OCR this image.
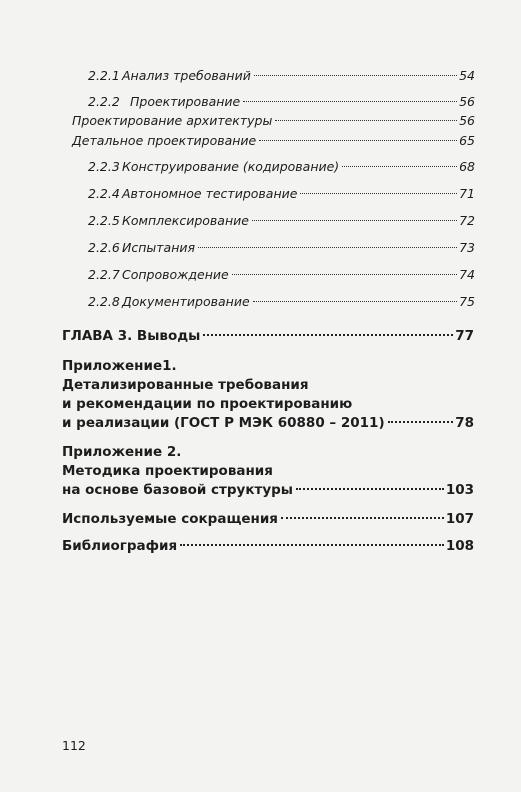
2.2.1 Анализ требований	54
2.2.2 Проектирование	56
Проектирование архитектуры	56
Детальное проектирование	65
2.2.3 Конструирование (кодирование)	68
2.2.4 Автономное тестирование	71
2.2.5 Комплексирование	72
2.2.6 Испытания	73
2.2.7 Сопровождение	74
2.2.8 Документирование	75
ГЛАВА 3. Выводы	77
Приложение1.
Детализированные требования
и рекомендации по проектированию
и реализации (ГОСТ Р МЭК 60880 – 2011)	78
Приложение 2.
Методика проектирования
на основе базовой структуры	103
Используемые сокращения	107
Библиография	108
112
